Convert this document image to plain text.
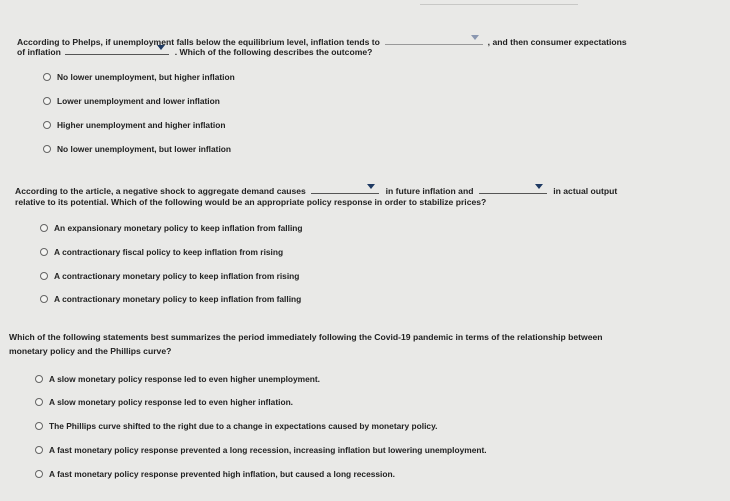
According to Phelps, if unemployment falls below the equilibrium level, inflation tends to	, and then consumer expectations
of inflation	. Which of the following describes the outcome?
No lower unemployment, but higher inflation
Lower unemployment and lower inflation
Higher unemployment and higher inflation
No lower unemployment, but lower inflation
According to the article, a negative shock to aggregate demand causes	in future inflation and	in actual output
relative to its potential. Which of the following would be an appropriate policy response in order to stabilize prices?
An expansionary monetary policy to keep inflation from falling
A contractionary fiscal policy to keep inflation from rising
A contractionary monetary policy to keep inflation from rising
A contractionary monetary policy to keep inflation from falling
Which of the following statements best summarizes the period immediately following the Covid-19 pandemic in terms of the relationship between
monetary policy and the Phillips curve?
A slow monetary policy response led to even higher unemployment.
A slow monetary policy response led to even higher inflation.
The Phillips curve shifted to the right due to a change in expectations caused by monetary policy.
A fast monetary policy response prevented a long recession, increasing inflation but lowering unemployment.
A fast monetary policy response prevented high inflation, but caused a long recession.
